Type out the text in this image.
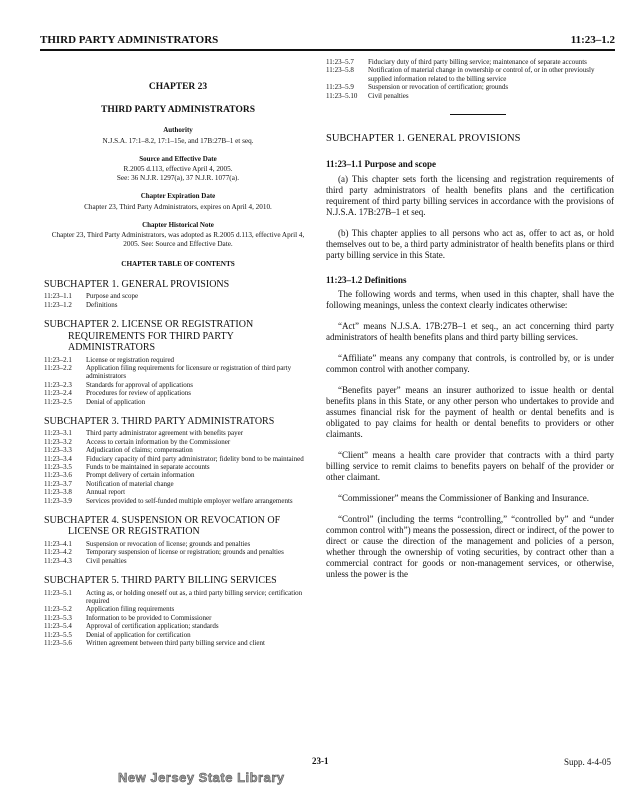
THIRD PARTY ADMINISTRATORS	11:23–1.2
CHAPTER 23
THIRD PARTY ADMINISTRATORS
Authority
N.J.S.A. 17:1–8.2, 17:1–15e, and 17B:27B–1 et seq.
Source and Effective Date
R.2005 d.113, effective April 4, 2005.
See: 36 N.J.R. 1297(a), 37 N.J.R. 1077(a).
Chapter Expiration Date
Chapter 23, Third Party Administrators, expires on April 4, 2010.
Chapter Historical Note
Chapter 23, Third Party Administrators, was adopted as R.2005 d.113, effective April 4, 2005. See: Source and Effective Date.
CHAPTER TABLE OF CONTENTS
SUBCHAPTER 1. GENERAL PROVISIONS
11:23–1.1	Purpose and scope
11:23–1.2	Definitions
SUBCHAPTER 2. LICENSE OR REGISTRATION
REQUIREMENTS FOR THIRD PARTY ADMINISTRATORS
11:23–2.1	License or registration required
11:23–2.2	Application filing requirements for licensure or registration of third party administrators
11:23–2.3	Standards for approval of applications
11:23–2.4	Procedures for review of applications
11:23–2.5	Denial of application
SUBCHAPTER 3. THIRD PARTY ADMINISTRATORS
11:23–3.1	Third party administrator agreement with benefits payer
11:23–3.2	Access to certain information by the Commissioner
11:23–3.3	Adjudication of claims; compensation
11:23–3.4	Fiduciary capacity of third party administrator; fidelity bond to be maintained
11:23–3.5	Funds to be maintained in separate accounts
11:23–3.6	Prompt delivery of certain information
11:23–3.7	Notification of material change
11:23–3.8	Annual report
11:23–3.9	Services provided to self-funded multiple employer welfare arrangements
SUBCHAPTER 4. SUSPENSION OR REVOCATION OF
LICENSE OR REGISTRATION
11:23–4.1	Suspension or revocation of license; grounds and penalties
11:23–4.2	Temporary suspension of license or registration; grounds and penalties
11:23–4.3	Civil penalties
SUBCHAPTER 5. THIRD PARTY BILLING SERVICES
11:23–5.1	Acting as, or holding oneself out as, a third party billing service; certification required
11:23–5.2	Application filing requirements
11:23–5.3	Information to be provided to Commissioner
11:23–5.4	Approval of certification application; standards
11:23–5.5	Denial of application for certification
11:23–5.6	Written agreement between third party billing service and client
11:23–5.7	Fiduciary duty of third party billing service; maintenance of separate accounts
11:23–5.8	Notification of material change in ownership or control of, or in other previously supplied information related to the billing service
11:23–5.9	Suspension or revocation of certification; grounds
11:23–5.10	Civil penalties
SUBCHAPTER 1. GENERAL PROVISIONS
11:23–1.1 Purpose and scope
(a) This chapter sets forth the licensing and registration requirements of third party administrators of health benefits plans and the certification requirement of third party billing services in accordance with the provisions of N.J.S.A. 17B:27B–1 et seq.
(b) This chapter applies to all persons who act as, offer to act as, or hold themselves out to be, a third party administrator of health benefits plans or third party billing service in this State.
11:23–1.2 Definitions
The following words and terms, when used in this chapter, shall have the following meanings, unless the context clearly indicates otherwise:
“Act” means N.J.S.A. 17B:27B–1 et seq., an act concerning third party administrators of health benefits plans and third party billing services.
“Affiliate” means any company that controls, is controlled by, or is under common control with another company.
“Benefits payer” means an insurer authorized to issue health or dental benefits plans in this State, or any other person who undertakes to provide and assumes financial risk for the payment of health or dental benefits and is obligated to pay claims for health or dental benefits to providers or other claimants.
“Client” means a health care provider that contracts with a third party billing service to remit claims to benefits payers on behalf of the provider or other claimant.
“Commissioner” means the Commissioner of Banking and Insurance.
“Control” (including the terms “controlling,” “controlled by” and “under common control with”) means the possession, direct or indirect, of the power to direct or cause the direction of the management and policies of a person, whether through the ownership of voting securities, by contract other than a commercial contract for goods or non-management services, or otherwise, unless the power is the
23-1	Supp. 4-4-05
New Jersey State Library
